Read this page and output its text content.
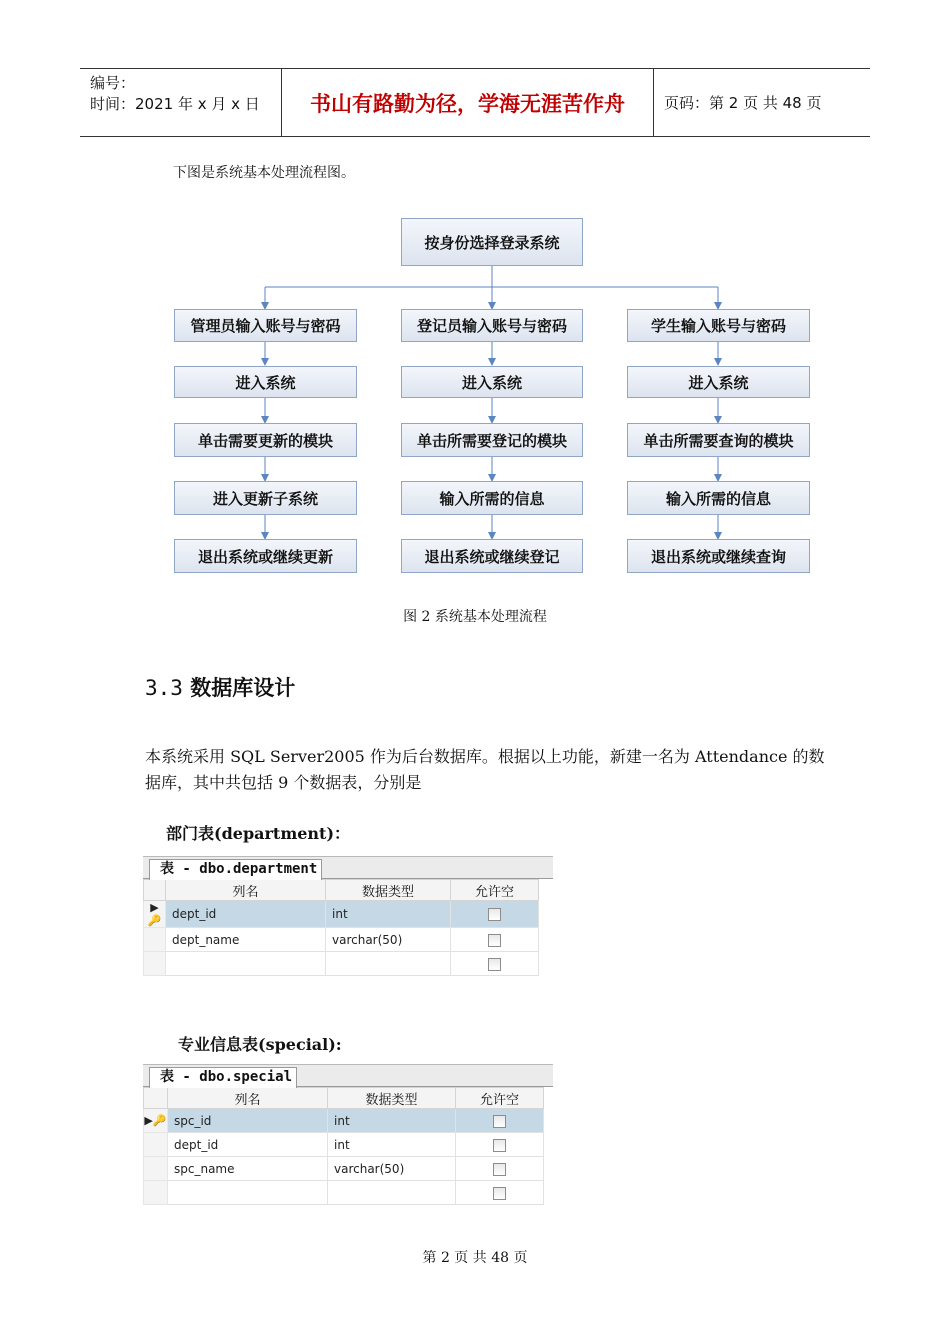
编号：
时间：2021 年 x 月 x 日	书山有路勤为径，学海无涯苦作舟	页码：第 2 页 共 48 页
下图是系统基本处理流程图。
按身份选择登录系统
管理员输入账号与密码
进入系统
单击需要更新的模块
进入更新子系统
退出系统或继续更新
登记员输入账号与密码
进入系统
单击所需要登记的模块
输入所需的信息
退出系统或继续登记
学生输入账号与密码
进入系统
单击所需要查询的模块
输入所需的信息
退出系统或继续查询
图 2 系统基本处理流程
3.3 数据库设计
本系统采用 SQL Server2005 作为后台数据库。根据以上功能，新建一名为 Attendance 的数据库，其中共包括 9 个数据表，分别是
部门表(department)：
表 - dbo.department
	列名	数据类型	允许空
▶🔑	dept_id	int	
	dept_name	varchar(50)	

专业信息表(special):
表 - dbo.special
	列名	数据类型	允许空
▶🔑	spc_id	int	
	dept_id	int	
	spc_name	varchar(50)	

第 2 页 共 48 页
